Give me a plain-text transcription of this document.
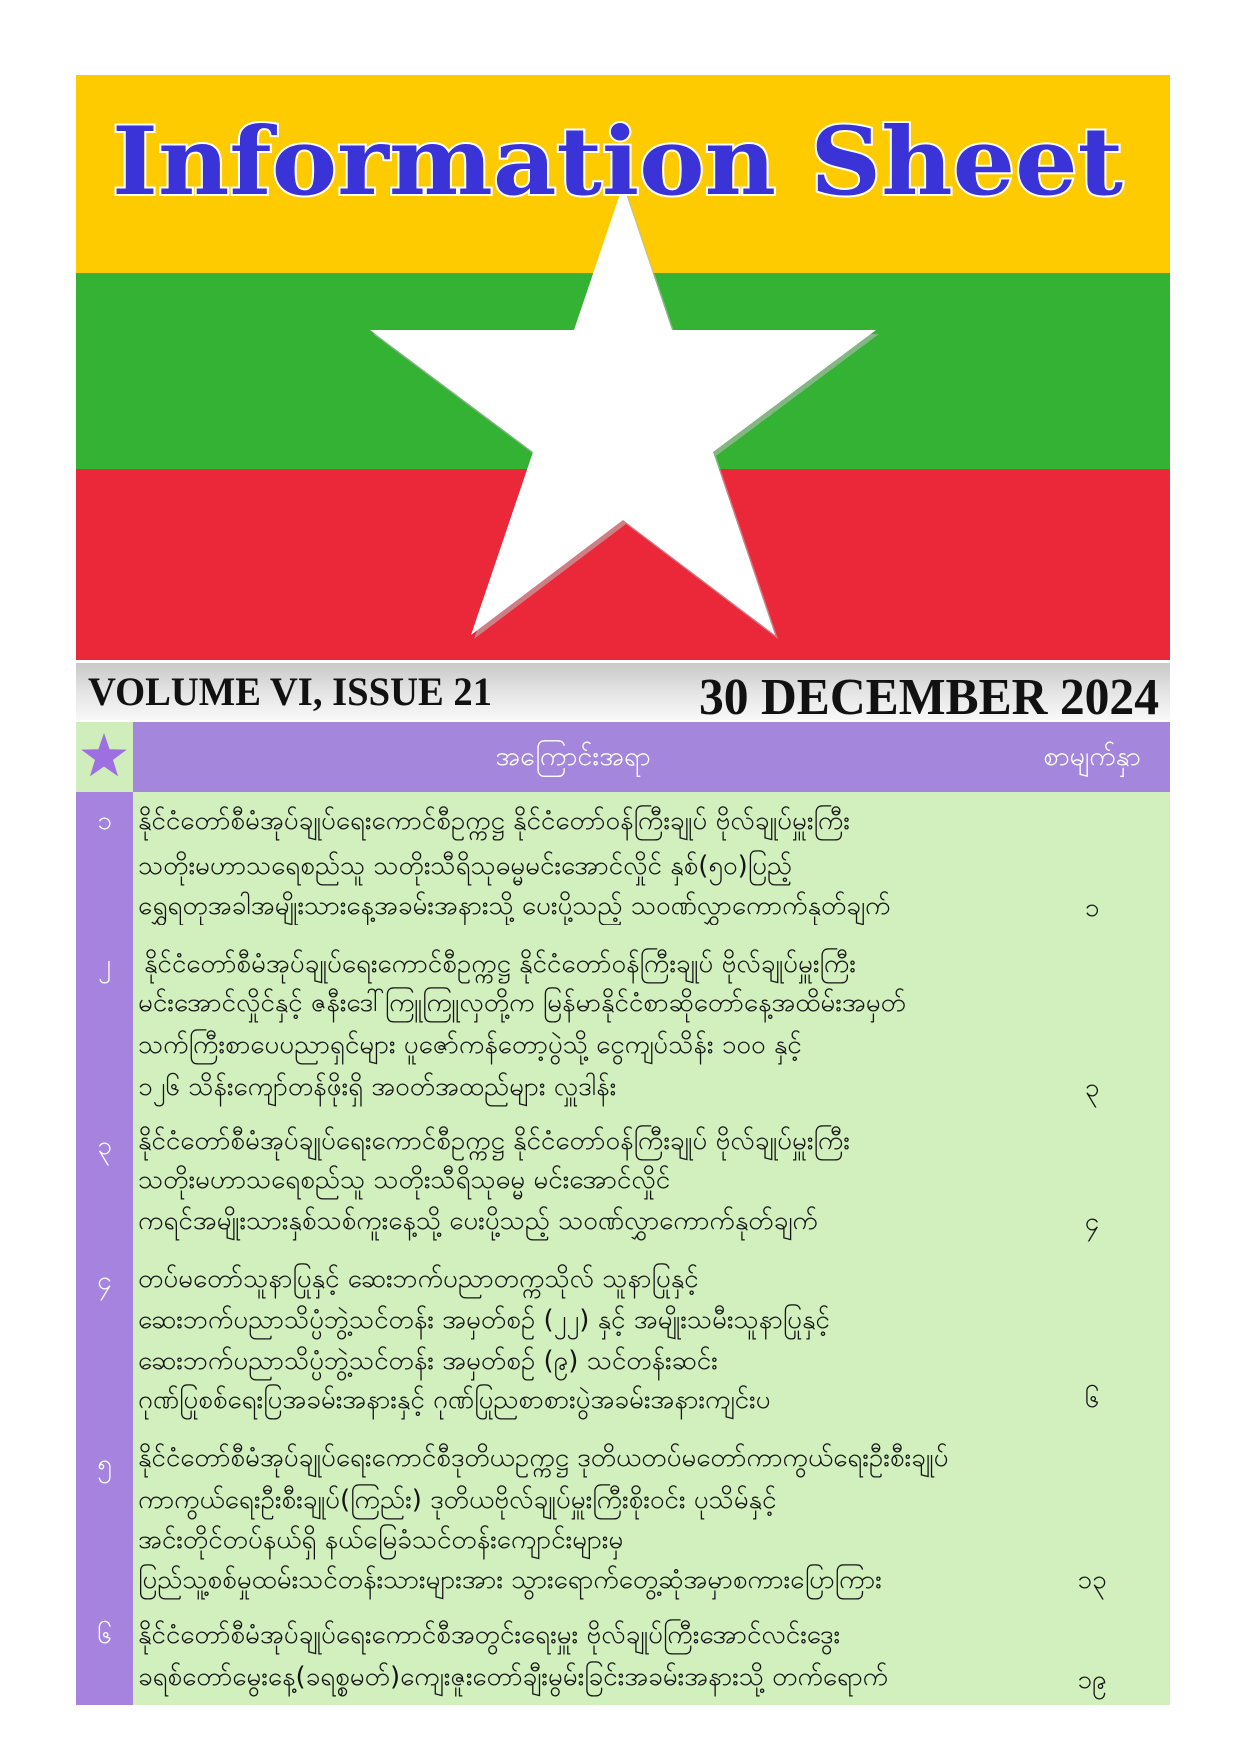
Information Sheet
VOLUME VI, ISSUE 21	30 DECEMBER 2024
အကြောင်းအရာ	စာမျက်နှာ
၁	နိုင်ငံတော်စီမံအုပ်ချုပ်ရေးကောင်စီဥက္ကဋ္ဌ နိုင်ငံတော်ဝန်ကြီးချုပ် ဗိုလ်ချုပ်မှူးကြီး
သတိုးမဟာသရေစည်သူ သတိုးသီရိသုဓမ္မမင်းအောင်လှိုင် နှစ်(၅၀)ပြည့်
ရွှေရတုအခါအမျိုးသားနေ့အခမ်းအနားသို့ ပေးပို့သည့် သဝဏ်လွှာကောက်နုတ်ချက်	၁
၂	နိုင်ငံတော်စီမံအုပ်ချုပ်ရေးကောင်စီဥက္ကဋ္ဌ နိုင်ငံတော်ဝန်ကြီးချုပ် ဗိုလ်ချုပ်မှူးကြီး
မင်းအောင်လှိုင်နှင့် ဇနီးဒေါ်ကြူကြူလှတို့က မြန်မာနိုင်ငံစာဆိုတော်နေ့အထိမ်းအမှတ်
သက်ကြီးစာပေပညာရှင်များ ပူဇော်ကန်တော့ပွဲသို့ ငွေကျပ်သိန်း ၁၀၀ နှင့်
၁၂၆ သိန်းကျော်တန်ဖိုးရှိ အဝတ်အထည်များ လှူဒါန်း	၃
၃	နိုင်ငံတော်စီမံအုပ်ချုပ်ရေးကောင်စီဥက္ကဋ္ဌ နိုင်ငံတော်ဝန်ကြီးချုပ် ဗိုလ်ချုပ်မှူးကြီး
သတိုးမဟာသရေစည်သူ သတိုးသီရိသုဓမ္မ မင်းအောင်လှိုင်
ကရင်အမျိုးသားနှစ်သစ်ကူးနေ့သို့ ပေးပို့သည့် သဝဏ်လွှာကောက်နုတ်ချက်	၄
၄	တပ်မတော်သူနာပြုနှင့် ဆေးဘက်ပညာတက္ကသိုလ် သူနာပြုနှင့်
ဆေးဘက်ပညာသိပ္ပံဘွဲ့သင်တန်း အမှတ်စဉ် (၂၂) နှင့် အမျိုးသမီးသူနာပြုနှင့်
ဆေးဘက်ပညာသိပ္ပံဘွဲ့သင်တန်း အမှတ်စဉ် (၉) သင်တန်းဆင်း
ဂုဏ်ပြုစစ်ရေးပြအခမ်းအနားနှင့် ဂုဏ်ပြုညစာစားပွဲအခမ်းအနားကျင်းပ	၆
၅	နိုင်ငံတော်စီမံအုပ်ချုပ်ရေးကောင်စီဒုတိယဥက္ကဋ္ဌ ဒုတိယတပ်မတော်ကာကွယ်ရေးဦးစီးချုပ်
ကာကွယ်ရေးဦးစီးချုပ်(ကြည်း) ဒုတိယဗိုလ်ချုပ်မှူးကြီးစိုးဝင်း ပုသိမ်နှင့်
အင်းတိုင်တပ်နယ်ရှိ နယ်မြေခံသင်တန်းကျောင်းများမှ
ပြည်သူ့စစ်မှုထမ်းသင်တန်းသားများအား သွားရောက်တွေ့ဆုံအမှာစကားပြောကြား	၁၃
၆	နိုင်ငံတော်စီမံအုပ်ချုပ်ရေးကောင်စီအတွင်းရေးမှူး ဗိုလ်ချုပ်ကြီးအောင်လင်းဒွေး
ခရစ်တော်မွေးနေ့(ခရစ္စမတ်)ကျေးဇူးတော်ချီးမွမ်းခြင်းအခမ်းအနားသို့ တက်ရောက်	၁၉
